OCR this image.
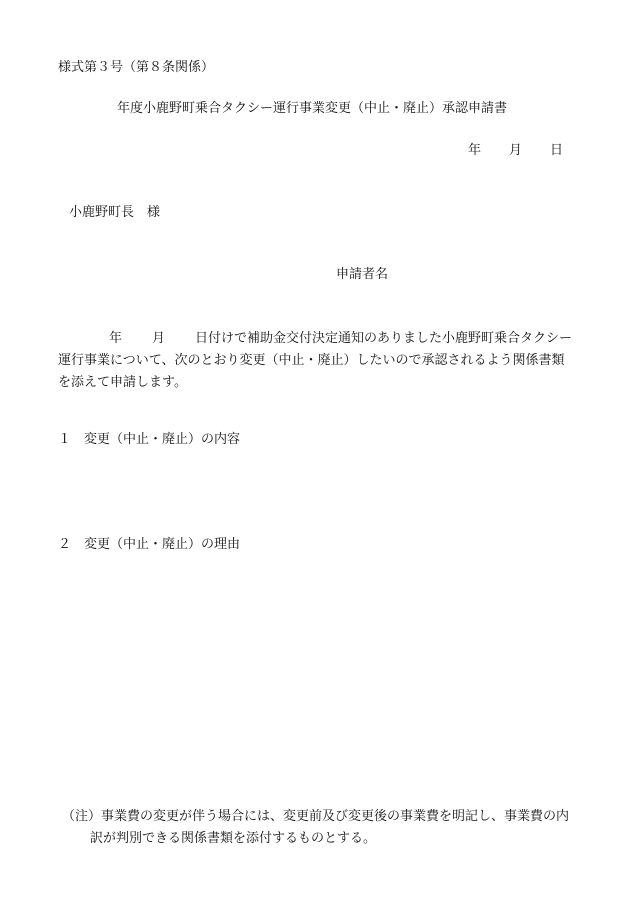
様式第３号（第８条関係）
年度小鹿野町乗合タクシー運行事業変更（中止・廃止）承認申請書
年 月 日
小鹿野町長　様
申請者名
年 月 日付けで補助金交付決定通知のありました小鹿野町乗合タクシー
運行事業について、次のとおり変更（中止・廃止）したいので承認されるよう関係書類
を添えて申請します。
１ 変更（中止・廃止）の内容
２ 変更（中止・廃止）の理由
（注）事業費の変更が伴う場合には、変更前及び変更後の事業費を明記し、事業費の内
訳が判別できる関係書類を添付するものとする。
